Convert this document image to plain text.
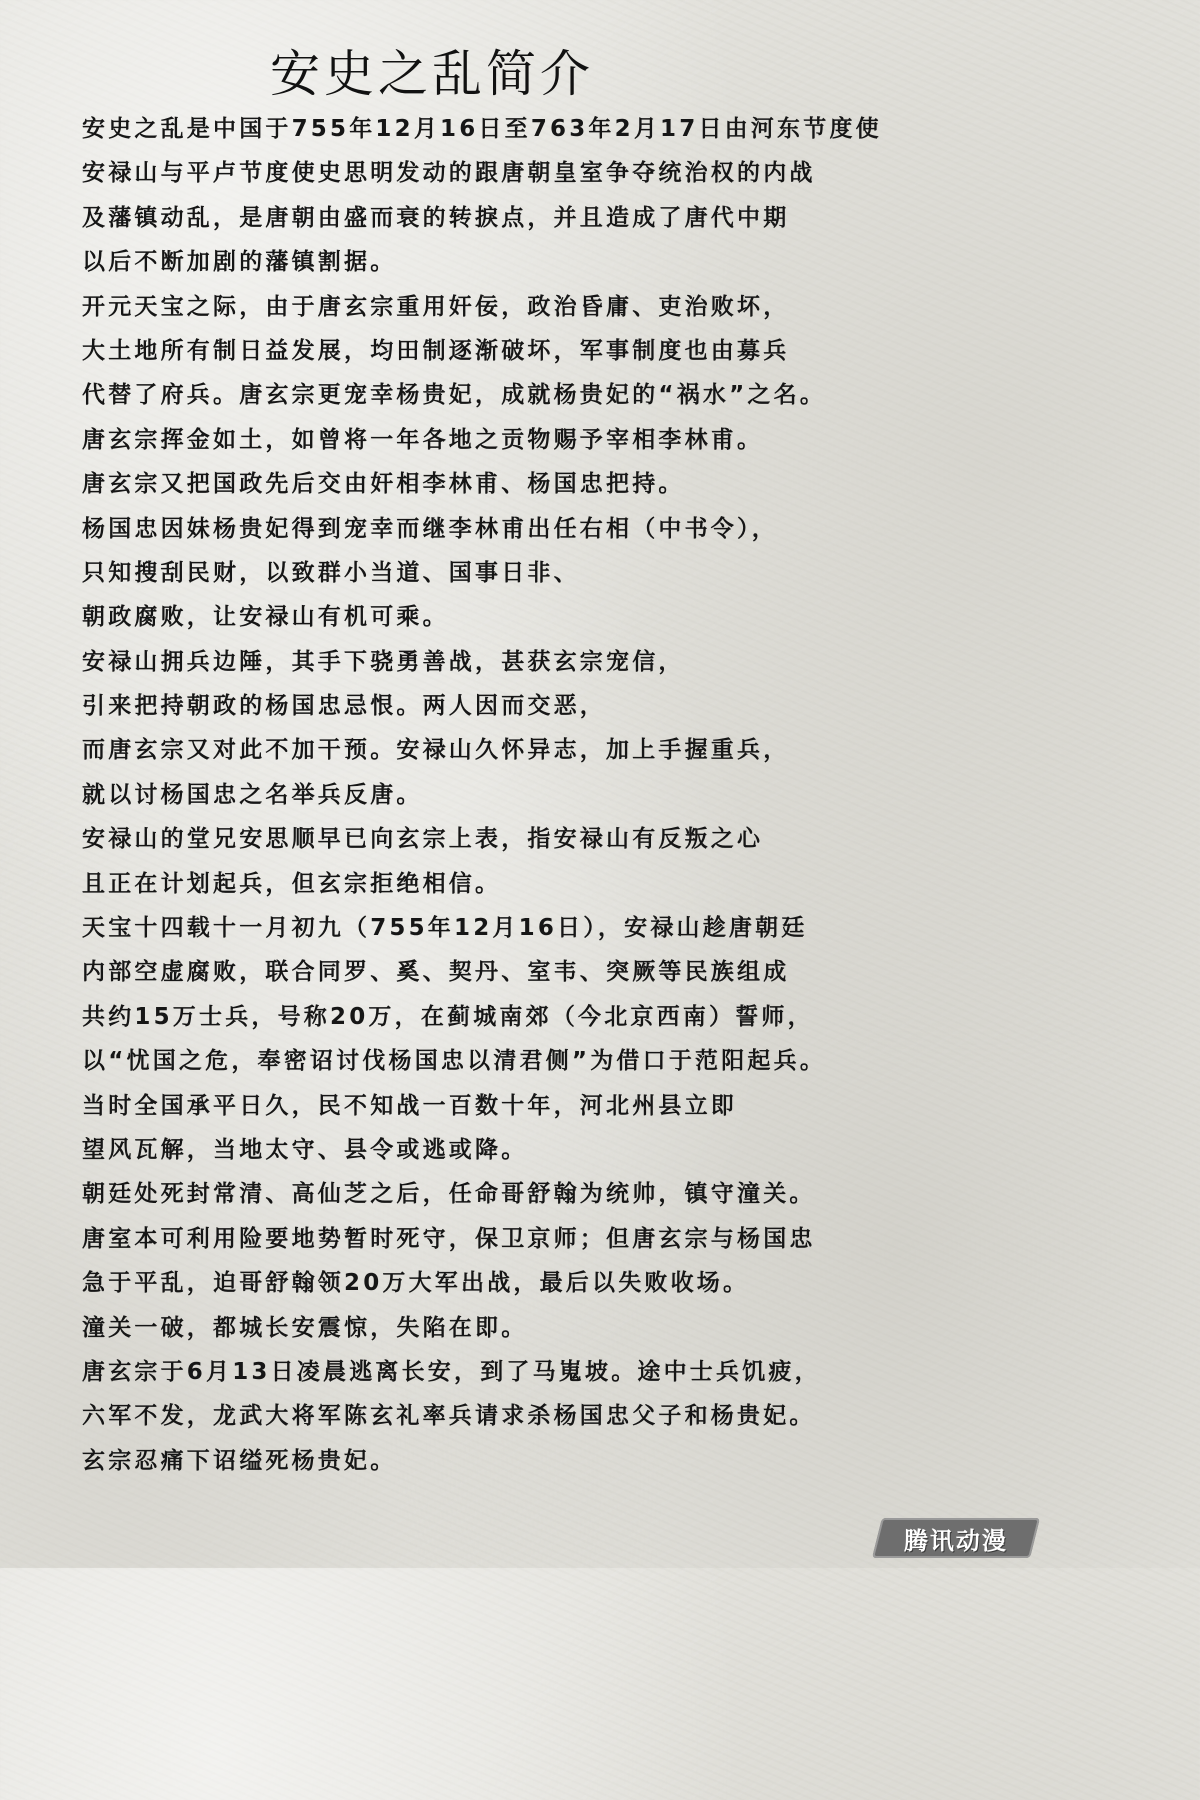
安史之乱简介
安史之乱是中国于755年12月16日至763年2月17日由河东节度使
安禄山与平卢节度使史思明发动的跟唐朝皇室争夺统治权的内战
及藩镇动乱，是唐朝由盛而衰的转捩点，并且造成了唐代中期
以后不断加剧的藩镇割据。
开元天宝之际，由于唐玄宗重用奸佞，政治昏庸、吏治败坏，
大土地所有制日益发展，均田制逐渐破坏，军事制度也由募兵
代替了府兵。唐玄宗更宠幸杨贵妃，成就杨贵妃的“祸水”之名。
唐玄宗挥金如土，如曾将一年各地之贡物赐予宰相李林甫。
唐玄宗又把国政先后交由奸相李林甫、杨国忠把持。
杨国忠因妹杨贵妃得到宠幸而继李林甫出任右相（中书令），
只知搜刮民财，以致群小当道、国事日非、
朝政腐败，让安禄山有机可乘。
安禄山拥兵边陲，其手下骁勇善战，甚获玄宗宠信，
引来把持朝政的杨国忠忌恨。两人因而交恶，
而唐玄宗又对此不加干预。安禄山久怀异志，加上手握重兵，
就以讨杨国忠之名举兵反唐。
安禄山的堂兄安思顺早已向玄宗上表，指安禄山有反叛之心
且正在计划起兵，但玄宗拒绝相信。
天宝十四载十一月初九（755年12月16日），安禄山趁唐朝廷
内部空虚腐败，联合同罗、奚、契丹、室韦、突厥等民族组成
共约15万士兵，号称20万，在蓟城南郊（今北京西南）誓师，
以“忧国之危，奉密诏讨伐杨国忠以清君侧”为借口于范阳起兵。
当时全国承平日久，民不知战一百数十年，河北州县立即
望风瓦解，当地太守、县令或逃或降。
朝廷处死封常清、高仙芝之后，任命哥舒翰为统帅，镇守潼关。
唐室本可利用险要地势暂时死守，保卫京师；但唐玄宗与杨国忠
急于平乱，迫哥舒翰领20万大军出战，最后以失败收场。
潼关一破，都城长安震惊，失陷在即。
唐玄宗于6月13日凌晨逃离长安，到了马嵬坡。途中士兵饥疲，
六军不发，龙武大将军陈玄礼率兵请求杀杨国忠父子和杨贵妃。
玄宗忍痛下诏缢死杨贵妃。
腾讯动漫
